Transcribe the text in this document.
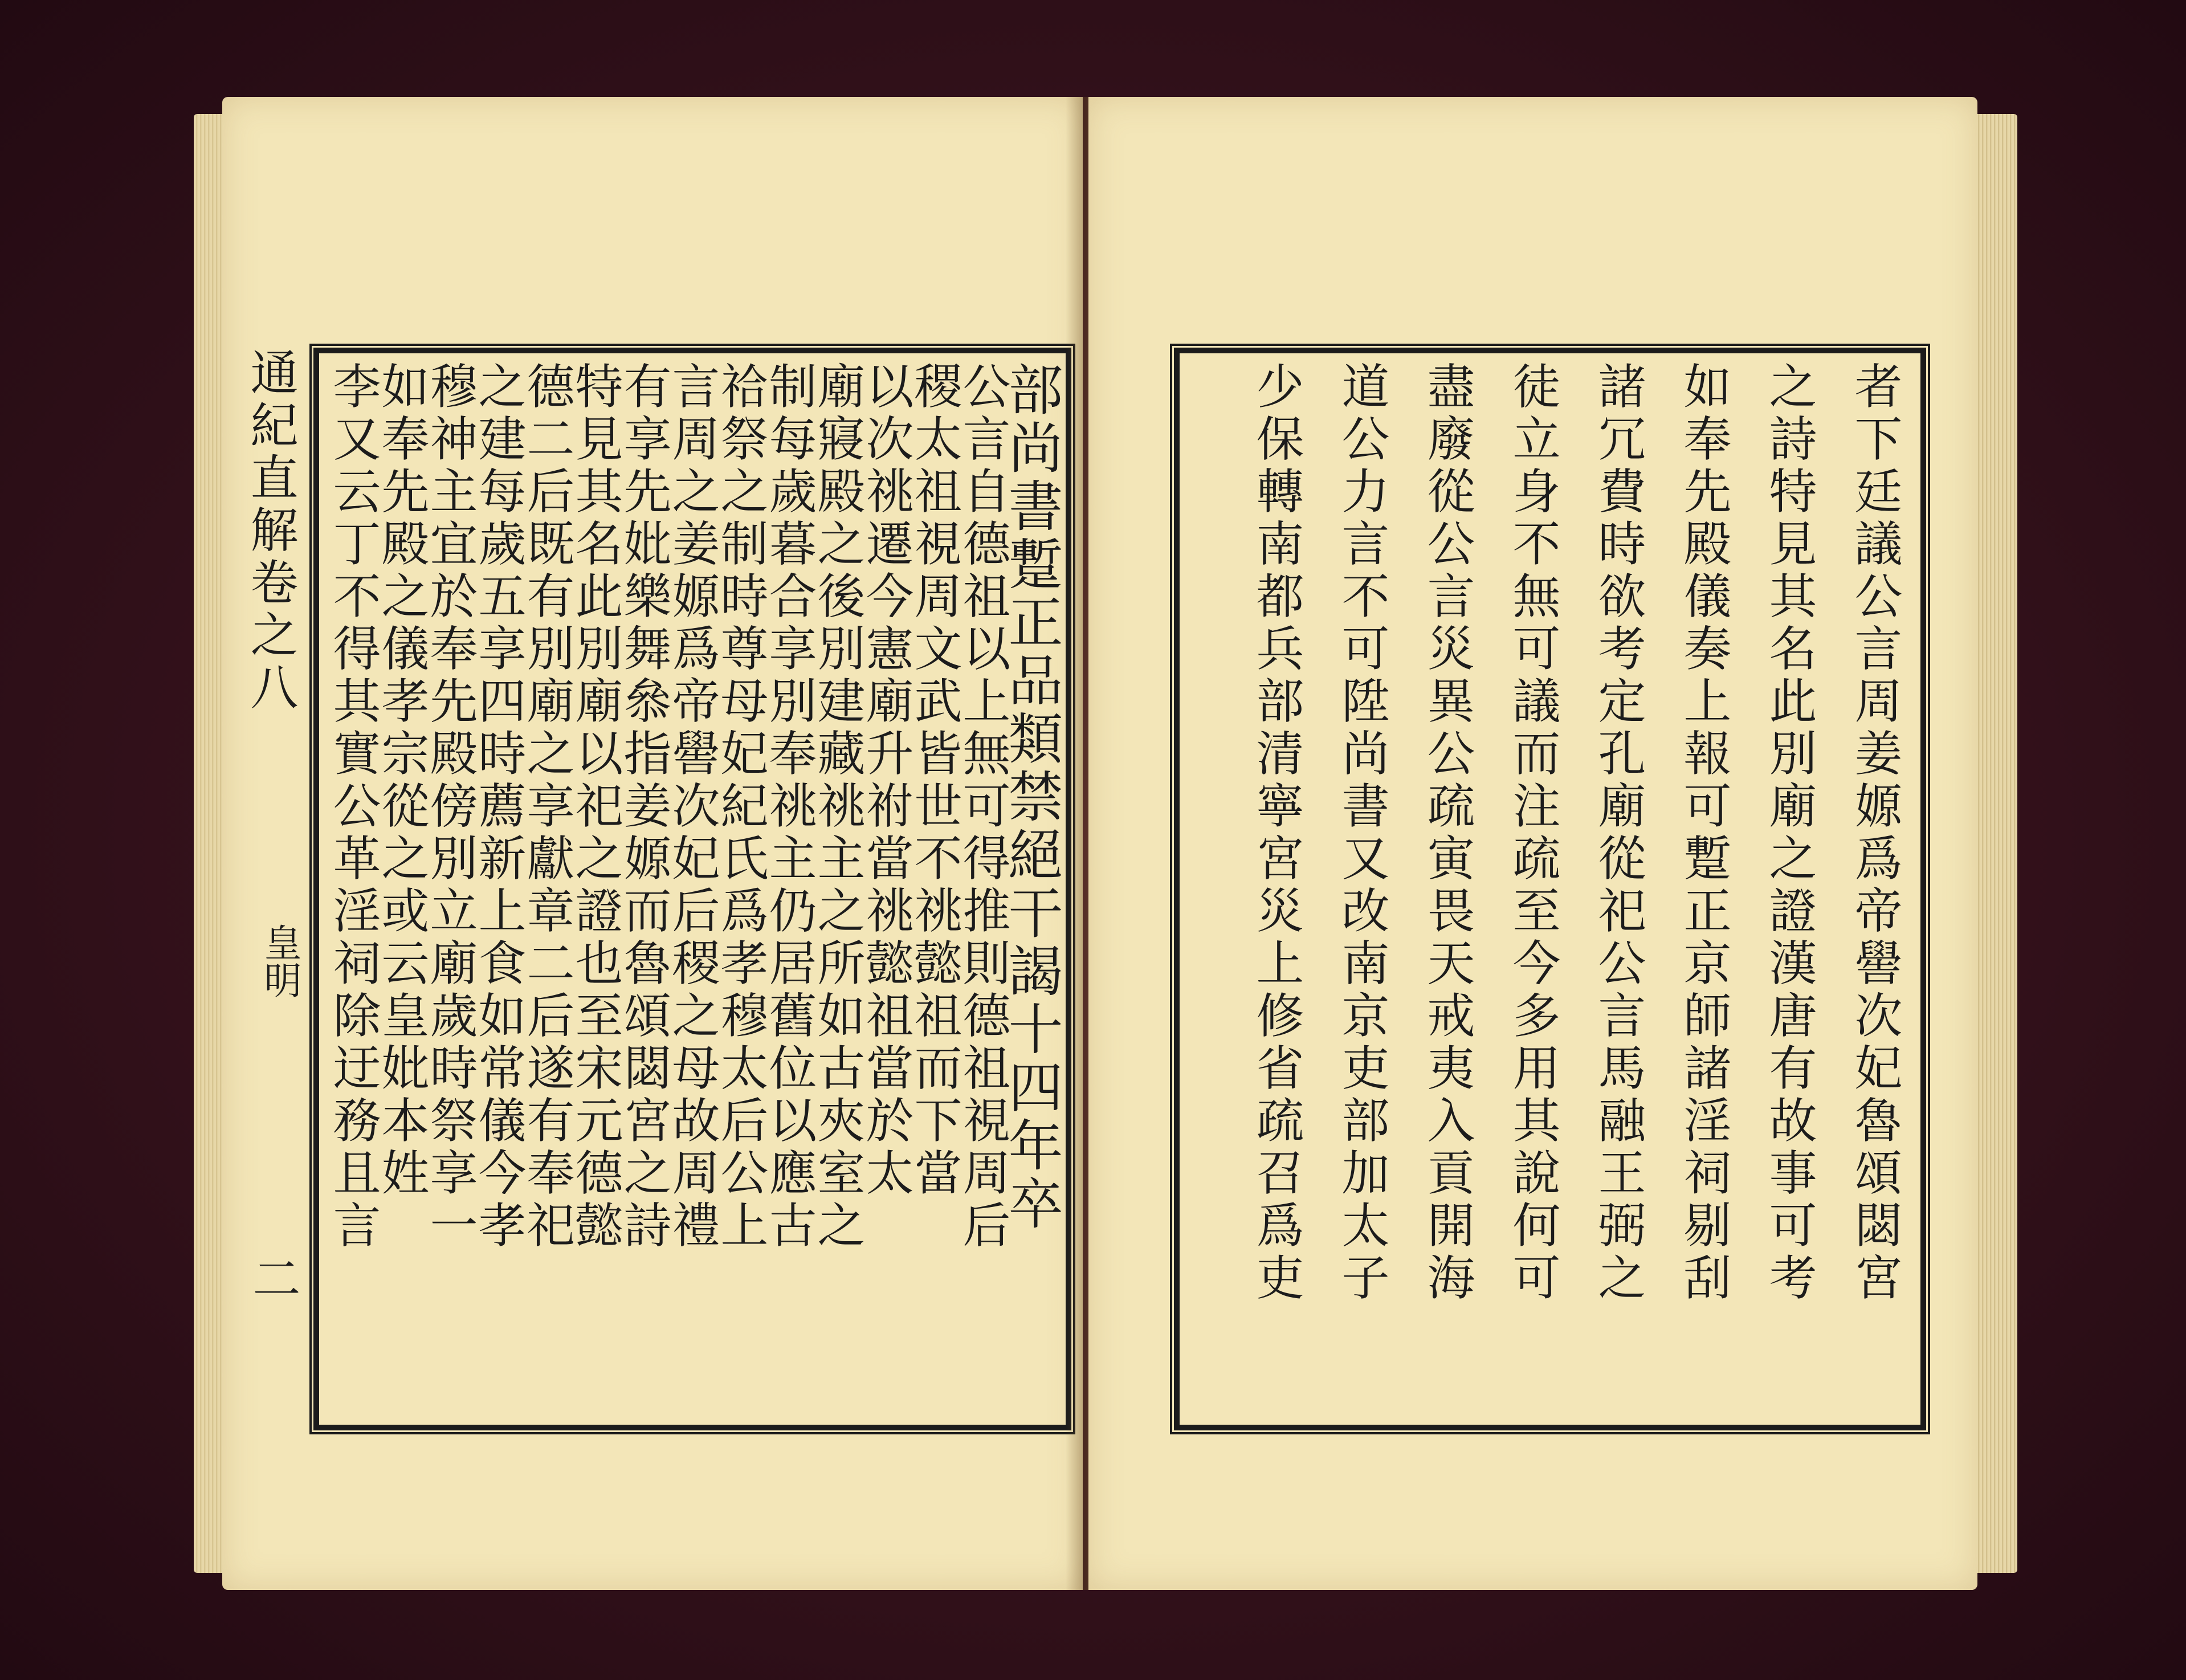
通紀直解卷之八
皇明
二
部尚書蹔正品類禁絕干謁十四年卒
公言自德祖以上無可得推則德祖視周后
稷太祖視周文武皆世不祧懿祖而下當
以次祧遷今憲廟升祔當祧懿祖當於太
廟寢殿之後別建藏祧主之所如古夾室之
制每歲暮合享別奉祧主仍居舊位以應古
祫祭之制時尊母妃紀氏爲孝穆太后公上
言周之姜嫄爲帝嚳次妃后稷之母故周禮
有享先妣樂舞叅指姜嫄而魯頌閟宮之詩
特見其名此別廟以祀之證也至宋元德懿
德二后既有別廟之享獻章二后遂有奉祀
之建每歲五享四時薦新上食如常儀今孝
穆神主宜於奉先殿傍別立廟歲時祭享一
如奉先殿之儀孝宗從之或云皇妣本姓
李又云丁不得其實公革淫祠除迂務且言	者下廷議公言周姜嫄爲帝嚳次妃魯頌閟宮
之詩特見其名此別廟之證漢唐有故事可考
如奉先殿儀奏上報可蹔正京師諸淫祠剔刮
諸冗費時欲考定孔廟從祀公言馬融王弼之
徒立身不無可議而注疏至今多用其說何可
盡廢從公言災異公疏寅畏天戒夷入貢開海
道公力言不可陞尚書又改南京吏部加太子
少保轉南都兵部清寧宮災上修省疏召爲吏
